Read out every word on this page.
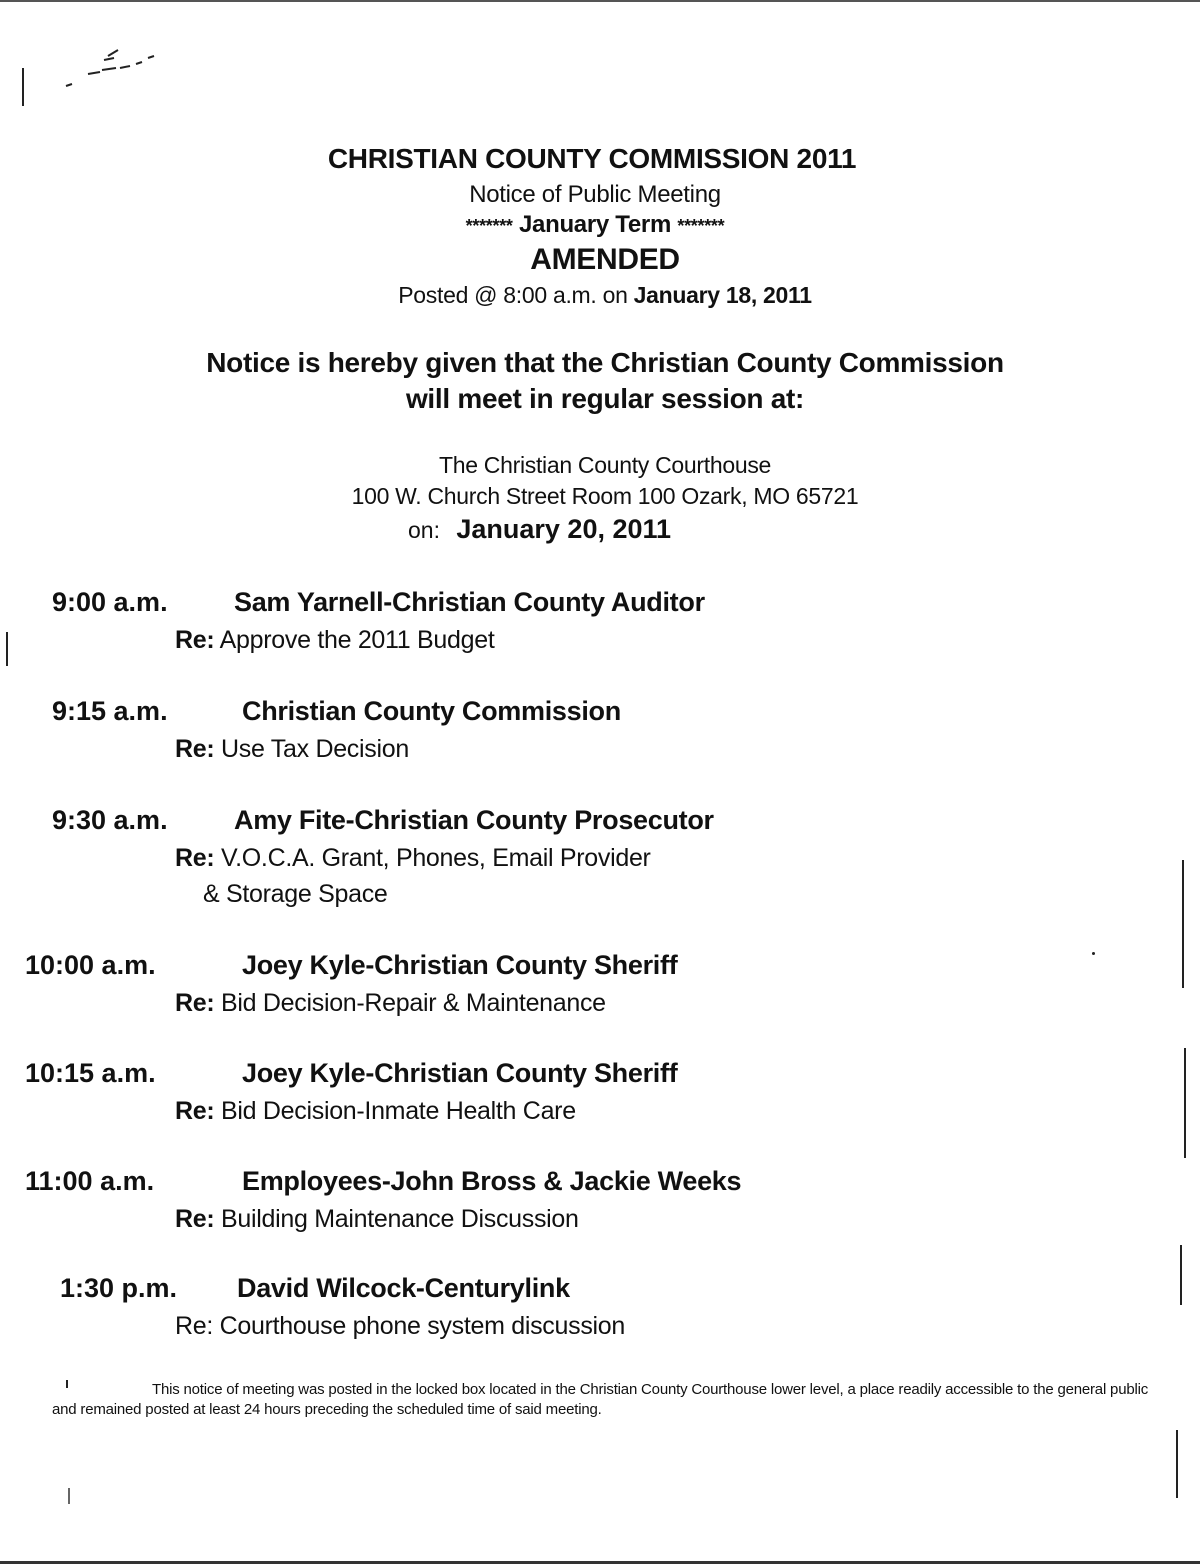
CHRISTIAN COUNTY COMMISSION 2011
Notice of Public Meeting
******* January Term *******
AMENDED
Posted @ 8:00 a.m. on January 18, 2011
Notice is hereby given that the Christian County Commission
will meet in regular session at:
The Christian County Courthouse
100 W. Church Street Room 100 Ozark, MO 65721
on: January 20, 2011
9:00 a.m. Sam Yarnell-Christian County Auditor
Re: Approve the 2011 Budget
9:15 a.m.	Christian County Commission
Re: Use Tax Decision
9:30 a.m. Amy Fite-Christian County Prosecutor
Re: V.O.C.A. Grant, Phones, Email Provider
& Storage Space
10:00 a.m.	Joey Kyle-Christian County Sheriff
Re: Bid Decision-Repair & Maintenance
10:15 a.m.	Joey Kyle-Christian County Sheriff
Re: Bid Decision-Inmate Health Care
11:00 a.m.	Employees-John Bross & Jackie Weeks
Re: Building Maintenance Discussion
1:30 p.m. David Wilcock-Centurylink
Re: Courthouse phone system discussion
This notice of meeting was posted in the locked box located in the Christian County Courthouse lower level, a place readily accessible to the general public and remained posted at least 24 hours preceding the scheduled time of said meeting.
